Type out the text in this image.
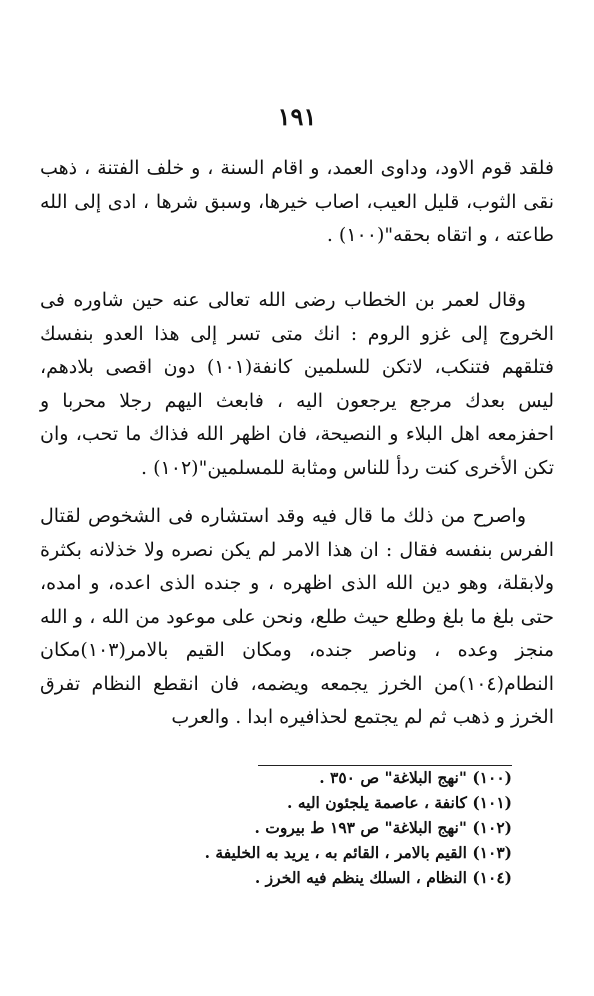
١٩١

فلقد قوم الاود، وداوى العمد، و اقام السنة ، و خلف الفتنة ، ذهب نقى الثوب، قليل العيب، اصاب خيرها، وسبق شرها ، ادى إلى الله طاعته ، و اتقاه بحقه"(١٠٠) .

وقال لعمر بن الخطاب رضى الله تعالى عنه حين شاوره فى الخروج إلى غزو الروم : انك متى تسر إلى هذا العدو بنفسك فتلقهم فتنكب، لاتكن للسلمين كانفة(١٠١) دون اقصى بلادهم، ليس بعدك مرجع يرجعون اليه ، فابعث اليهم رجلا محربا و احفزمعه اهل البلاء و النصيحة، فان اظهر الله فذاك ما تحب، وان تكن الأخرى كنت ردأ للناس ومثابة للمسلمين"(١٠٢) .

واصرح من ذلك ما قال فيه وقد استشاره فى الشخوص لقتال الفرس بنفسه فقال : ان هذا الامر لم يكن نصره ولا خذلانه بكثرة ولابقلة، وهو دين الله الذى اظهره ، و جنده الذى اعده، و امده، حتى بلغ ما بلغ وطلع حيث طلع، ونحن على موعود من الله ، و الله منجز وعده ، وناصر جنده، ومكان القيم بالامر(١٠٣)مكان النطام(١٠٤)من الخرز يجمعه ويضمه، فان انقطع النظام تفرق الخرز و ذهب ثم لم يجتمع لحذافيره ابدا . والعرب

(١٠٠) "نهج البلاغة" ص ٣٥٠ .
(١٠١) كانفة ، عاصمة يلجئون اليه .
(١٠٢) "نهج البلاغة" ص ١٩٣ ط بيروت .
(١٠٣) القيم بالامر ، القائم به ، يريد به الخليفة .
(١٠٤) النظام ، السلك ينظم فيه الخرز .
